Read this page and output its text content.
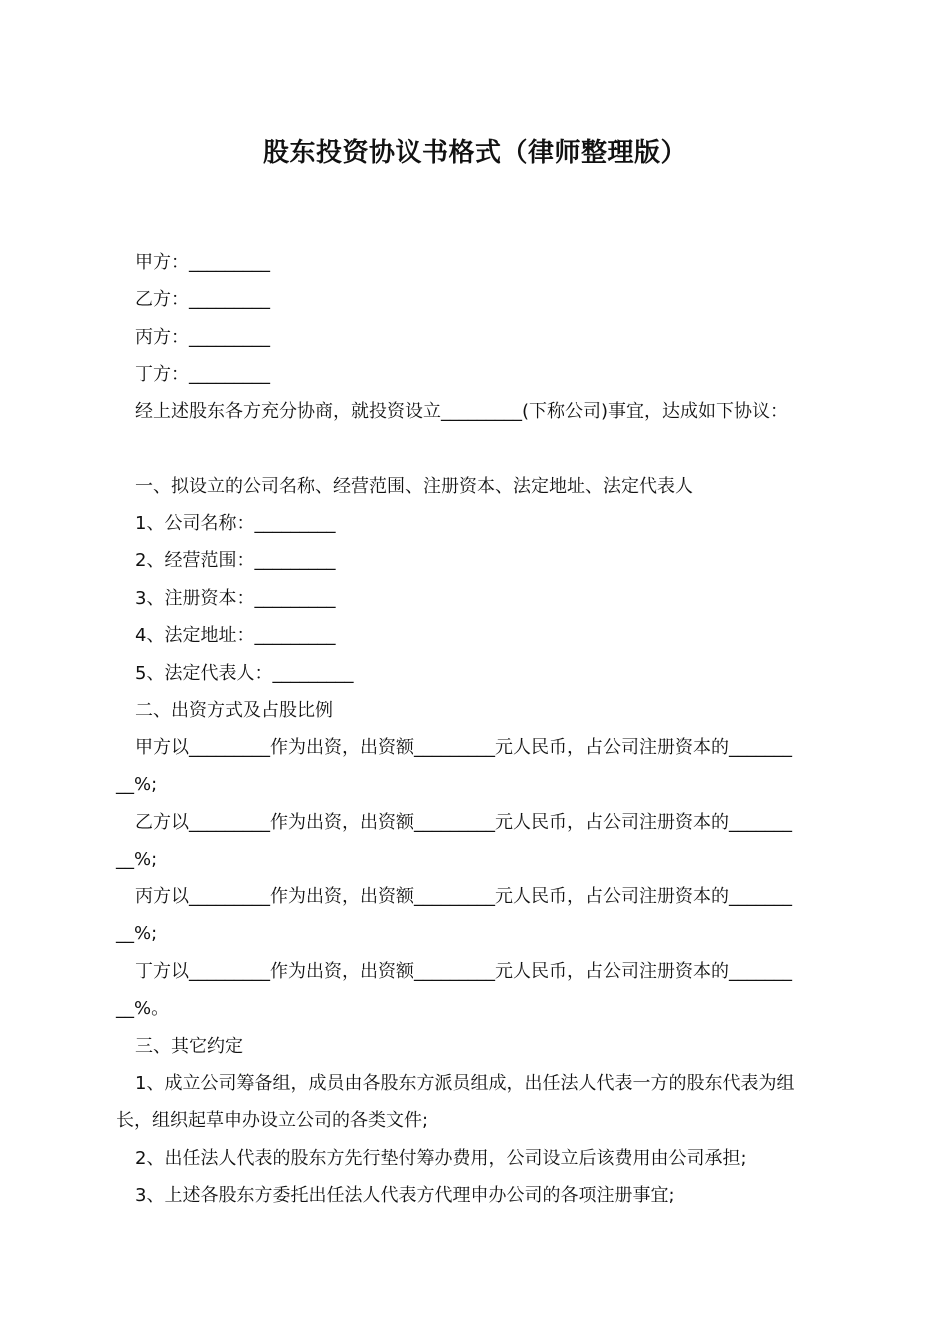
股东投资协议书格式（律师整理版）
甲方：_________
乙方：_________
丙方：_________
丁方：_________
经上述股东各方充分协商，就投资设立_________(下称公司)事宜，达成如下协议：
一、拟设立的公司名称、经营范围、注册资本、法定地址、法定代表人
1、公司名称：_________
2、经营范围：_________
3、注册资本：_________
4、法定地址：_________
5、法定代表人：_________
二、出资方式及占股比例
甲方以_________作为出资，出资额_________元人民币，占公司注册资本的_______
__%;
乙方以_________作为出资，出资额_________元人民币，占公司注册资本的_______
__%;
丙方以_________作为出资，出资额_________元人民币，占公司注册资本的_______
__%;
丁方以_________作为出资，出资额_________元人民币，占公司注册资本的_______
__%。
三、其它约定
1、成立公司筹备组，成员由各股东方派员组成，出任法人代表一方的股东代表为组
长，组织起草申办设立公司的各类文件;
2、出任法人代表的股东方先行垫付筹办费用，公司设立后该费用由公司承担;
3、上述各股东方委托出任法人代表方代理申办公司的各项注册事宜;
